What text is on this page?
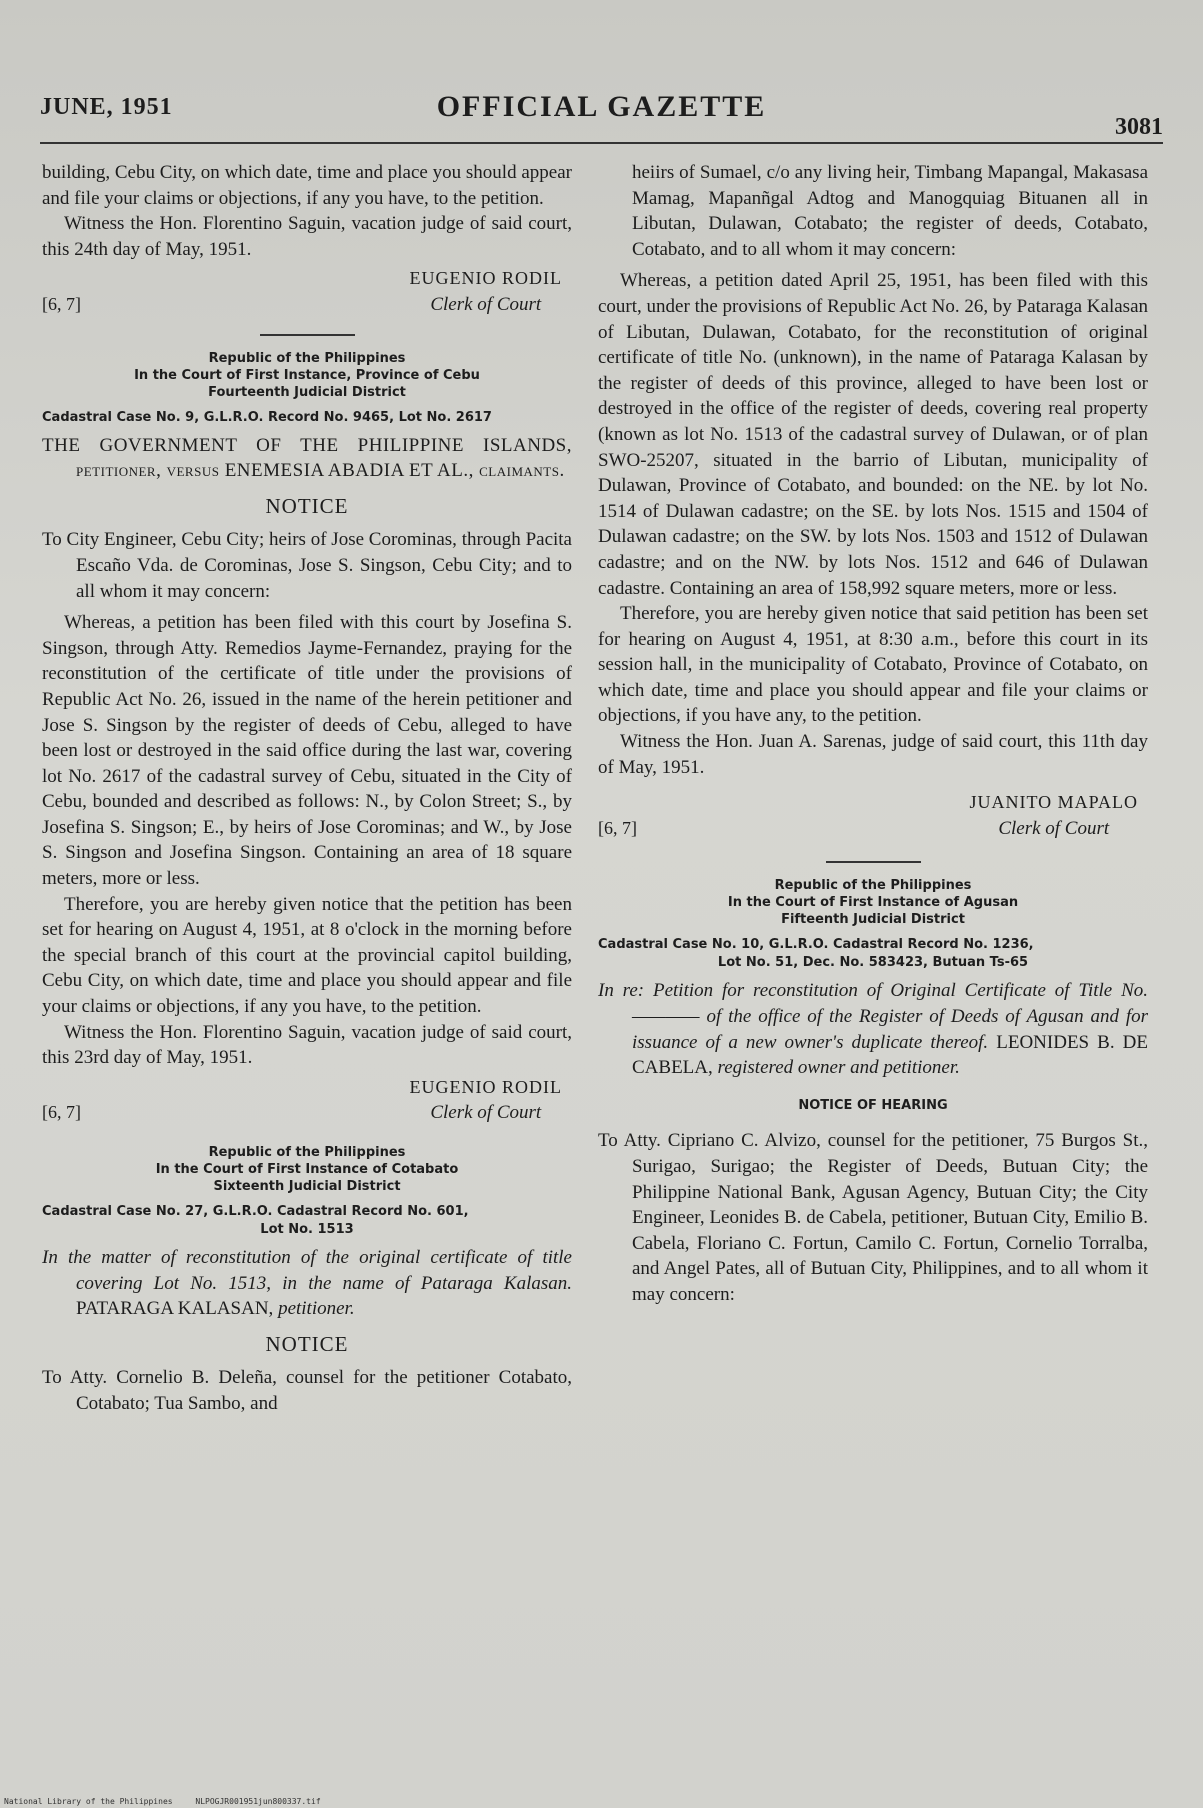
JUNE, 1951	OFFICIAL GAZETTE
3081

building, Cebu City, on which date, time and place you should appear and file your claims or objections, if any you have, to the petition.

Witness the Hon. Florentino Saguin, vacation judge of said court, this 24th day of May, 1951.

[6, 7]
EUGENIO RODIL
Clerk of Court
Republic of the Philippines
In the Court of First Instance, Province of Cebu
Fourteenth Judicial District
Cadastral Case No. 9, G.L.R.O. Record No. 9465, Lot No. 2617

THE GOVERNMENT OF THE PHILIPPINE ISLANDS, petitioner, versus ENEMESIA ABADIA ET AL., claimants.

NOTICE

To City Engineer, Cebu City; heirs of Jose Corominas, through Pacita Escaño Vda. de Corominas, Jose S. Singson, Cebu City; and to all whom it may concern:

Whereas, a petition has been filed with this court by Josefina S. Singson, through Atty. Remedios Jayme-Fernandez, praying for the reconstitution of the certificate of title under the provisions of Republic Act No. 26, issued in the name of the herein petitioner and Jose S. Singson by the register of deeds of Cebu, alleged to have been lost or destroyed in the said office during the last war, covering lot No. 2617 of the cadastral survey of Cebu, situated in the City of Cebu, bounded and described as follows: N., by Colon Street; S., by Josefina S. Singson; E., by heirs of Jose Corominas; and W., by Jose S. Singson and Josefina Singson. Containing an area of 18 square meters, more or less.

Therefore, you are hereby given notice that the petition has been set for hearing on August 4, 1951, at 8 o'clock in the morning before the special branch of this court at the provincial capitol building, Cebu City, on which date, time and place you should appear and file your claims or objections, if any you have, to the petition.

Witness the Hon. Florentino Saguin, vacation judge of said court, this 23rd day of May, 1951.

[6, 7]
EUGENIO RODIL
Clerk of Court
Republic of the Philippines
In the Court of First Instance of Cotabato
Sixteenth Judicial District
Cadastral Case No. 27, G.L.R.O. Cadastral Record No. 601,
Lot No. 1513

In the matter of reconstitution of the original certificate of title covering Lot No. 1513, in the name of Pataraga Kalasan. PATARAGA KALASAN, petitioner.

NOTICE

To Atty. Cornelio B. Deleña, counsel for the petitioner Cotabato, Cotabato; Tua Sambo, and

heiirs of Sumael, c/o any living heir, Timbang Mapangal, Makasasa Mamag, Mapanñgal Adtog and Manogquiag Bituanen all in Libutan, Dulawan, Cotabato; the register of deeds, Cotabato, Cotabato, and to all whom it may concern:

Whereas, a petition dated April 25, 1951, has been filed with this court, under the provisions of Republic Act No. 26, by Pataraga Kalasan of Libutan, Dulawan, Cotabato, for the reconstitution of original certificate of title No. (unknown), in the name of Pataraga Kalasan by the register of deeds of this province, alleged to have been lost or destroyed in the office of the register of deeds, covering real property (known as lot No. 1513 of the cadastral survey of Dulawan, or of plan SWO-25207, situated in the barrio of Libutan, municipality of Dulawan, Province of Cotabato, and bounded: on the NE. by lot No. 1514 of Dulawan cadastre; on the SE. by lots Nos. 1515 and 1504 of Dulawan cadastre; on the SW. by lots Nos. 1503 and 1512 of Dulawan cadastre; and on the NW. by lots Nos. 1512 and 646 of Dulawan cadastre. Containing an area of 158,992 square meters, more or less.

Therefore, you are hereby given notice that said petition has been set for hearing on August 4, 1951, at 8:30 a.m., before this court in its session hall, in the municipality of Cotabato, Province of Cotabato, on which date, time and place you should appear and file your claims or objections, if you have any, to the petition.

Witness the Hon. Juan A. Sarenas, judge of said court, this 11th day of May, 1951.

[6, 7]
JUANITO MAPALO
Clerk of Court
Republic of the Philippines
In the Court of First Instance of Agusan
Fifteenth Judicial District
Cadastral Case No. 10, G.L.R.O. Cadastral Record No. 1236,
Lot No. 51, Dec. No. 583423, Butuan Ts-65

In re: Petition for reconstitution of Original Certificate of Title No. ———— of the office of the Register of Deeds of Agusan and for issuance of a new owner's duplicate thereof. LEONIDES B. DE CABELA, registered owner and petitioner.

NOTICE OF HEARING

To Atty. Cipriano C. Alvizo, counsel for the petitioner, 75 Burgos St., Surigao, Surigao; the Register of Deeds, Butuan City; the Philippine National Bank, Agusan Agency, Butuan City; the City Engineer, Leonides B. de Cabela, petitioner, Butuan City, Emilio B. Cabela, Floriano C. Fortun, Camilo C. Fortun, Cornelio Torralba, and Angel Pates, all of Butuan City, Philippines, and to all whom it may concern:

National Library of the Philippines	NLPOGJR001951jun800337.tif
